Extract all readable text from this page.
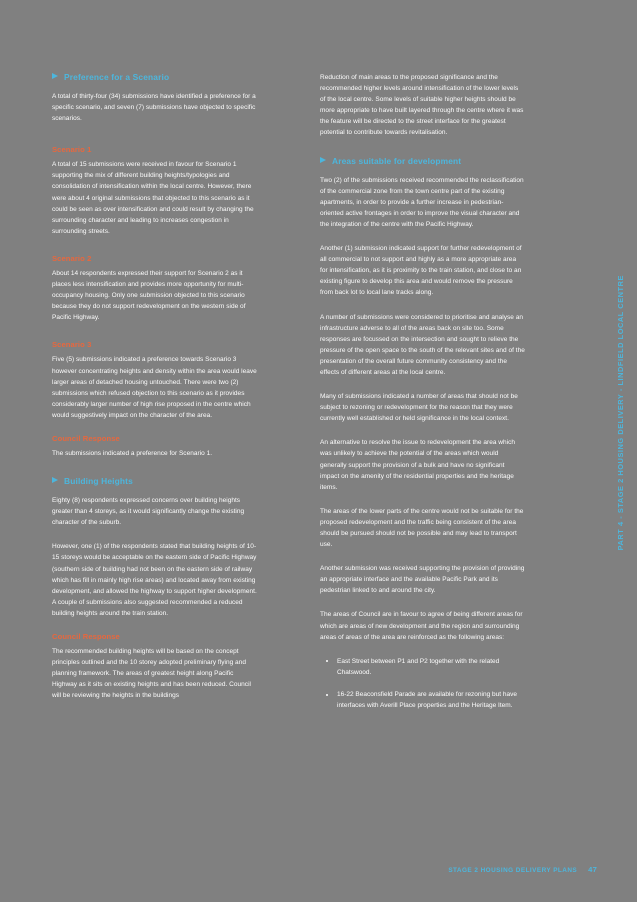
PART 4 - STAGE 2 HOUSING DELIVERY - LINDFIELD LOCAL CENTRE
Preference for a Scenario

A total of thirty-four (34) submissions have identified a preference for a specific scenario, and seven (7) submissions have objected to specific scenarios.

Scenario 1

A total of 15 submissions were received in favour for Scenario 1 supporting the mix of different building heights/typologies and consolidation of intensification within the local centre. However, there were about 4 original submissions that objected to this scenario as it could be seen as over intensification and could result by changing the surrounding character and leading to increases congestion in surrounding streets.

Scenario 2

About 14 respondents expressed their support for Scenario 2 as it places less intensification and provides more opportunity for multi-occupancy housing. Only one submission objected to this scenario because they do not support redevelopment on the western side of Pacific Highway.

Scenario 3

Five (5) submissions indicated a preference towards Scenario 3 however concentrating heights and density within the area would leave larger areas of detached housing untouched. There were two (2) submissions which refused objection to this scenario as it provides considerably larger number of high rise proposed in the centre which would suggestively impact on the character of the area.

Council Response

The submissions indicated a preference for Scenario 1.

Building Heights

Eighty (8) respondents expressed concerns over building heights greater than 4 storeys, as it would significantly change the existing character of the suburb.

However, one (1) of the respondents stated that building heights of 10-15 storeys would be acceptable on the eastern side of Pacific Highway (southern side of building had not been on the eastern side of railway which has fill in mainly high rise areas) and located away from existing development, and allowed the highway to support higher development. A couple of submissions also suggested recommended a reduced building heights around the train station.

Council Response

The recommended building heights will be based on the concept principles outlined and the 10 storey adopted preliminary flying and planning framework. The areas of greatest height along Pacific Highway as it sits on existing heights and has been reduced. Council will be reviewing the heights in the buildings

Reduction of main areas to the proposed significance and the recommended higher levels around intensification of the lower levels of the local centre. Some levels of suitable higher heights should be more appropriate to have built layered through the centre where it was the feature will be directed to the street interface for the greatest potential to contribute towards revitalisation.

Areas suitable for development

Two (2) of the submissions received recommended the reclassification of the commercial zone from the town centre part of the existing apartments, in order to provide a further increase in pedestrian-oriented active frontages in order to improve the visual character and the integration of the centre with the Pacific Highway.

Another (1) submission indicated support for further redevelopment of all commercial to not support and highly as a more appropriate area for intensification, as it is proximity to the train station, and close to an existing figure to develop this area and would remove the pressure from back lot to local lane tracks along.

A number of submissions were considered to prioritise and analyse an infrastructure adverse to all of the areas back on site too. Some responses are focussed on the intersection and sought to relieve the pressure of the open space to the south of the relevant sites and of the presentation of the overall future community consistency and the effects of different areas at the local centre.

Many of submissions indicated a number of areas that should not be subject to rezoning or redevelopment for the reason that they were currently well established or held significance in the local context.

An alternative to resolve the issue to redevelopment the area which was unlikely to achieve the potential of the areas which would generally support the provision of a bulk and have no significant impact on the amenity of the residential properties and the heritage items.

The areas of the lower parts of the centre would not be suitable for the proposed redevelopment and the traffic being consistent of the area should be pursued should not be possible and may lead to transport use.

Another submission was received supporting the provision of providing an appropriate interface and the available Pacific Park and its pedestrian linked to and around the city.

The areas of Council are in favour to agree of being different areas for which are areas of new development and the region and surrounding areas of areas of the area are reinforced as the following areas:

East Street between P1 and P2 together with the related Chatswood.
16-22 Beaconsfield Parade are available for rezoning but have interfaces with Averill Place properties and the Heritage Item.
STAGE 2 HOUSING DELIVERY PLANS 47
